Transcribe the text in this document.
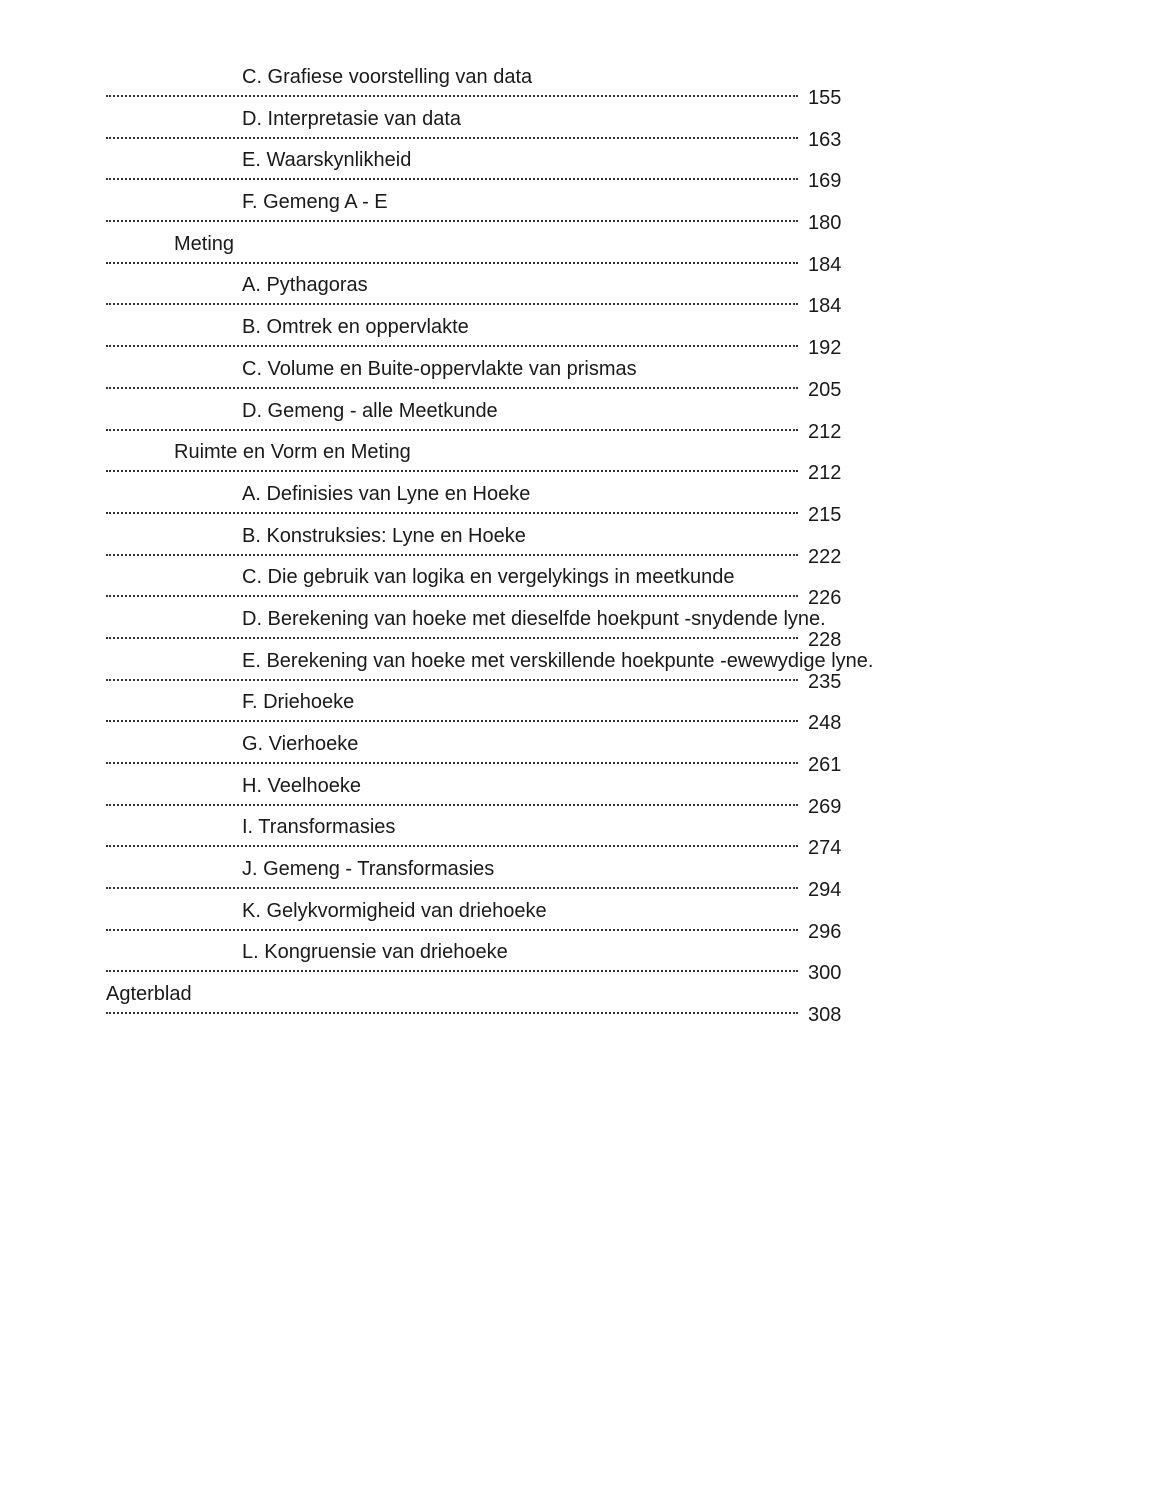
C. Grafiese voorstelling van data
155
D. Interpretasie van data
163
E. Waarskynlikheid
169
F. Gemeng A - E
180
Meting
184
A. Pythagoras
184
B. Omtrek en oppervlakte
192
C. Volume en Buite-oppervlakte van prismas
205
D. Gemeng - alle Meetkunde
212
Ruimte en Vorm en Meting
212
A. Definisies van Lyne en Hoeke
215
B. Konstruksies: Lyne en Hoeke
222
C. Die gebruik van logika en vergelykings in meetkunde
226
D. Berekening van hoeke met dieselfde hoekpunt -snydende lyne.
228
E. Berekening van hoeke met verskillende hoekpunte -ewewydige lyne.
235
F. Driehoeke
248
G. Vierhoeke
261
H. Veelhoeke
269
I. Transformasies
274
J. Gemeng - Transformasies
294
K. Gelykvormigheid van driehoeke
296
L. Kongruensie van driehoeke
300
Agterblad
308
